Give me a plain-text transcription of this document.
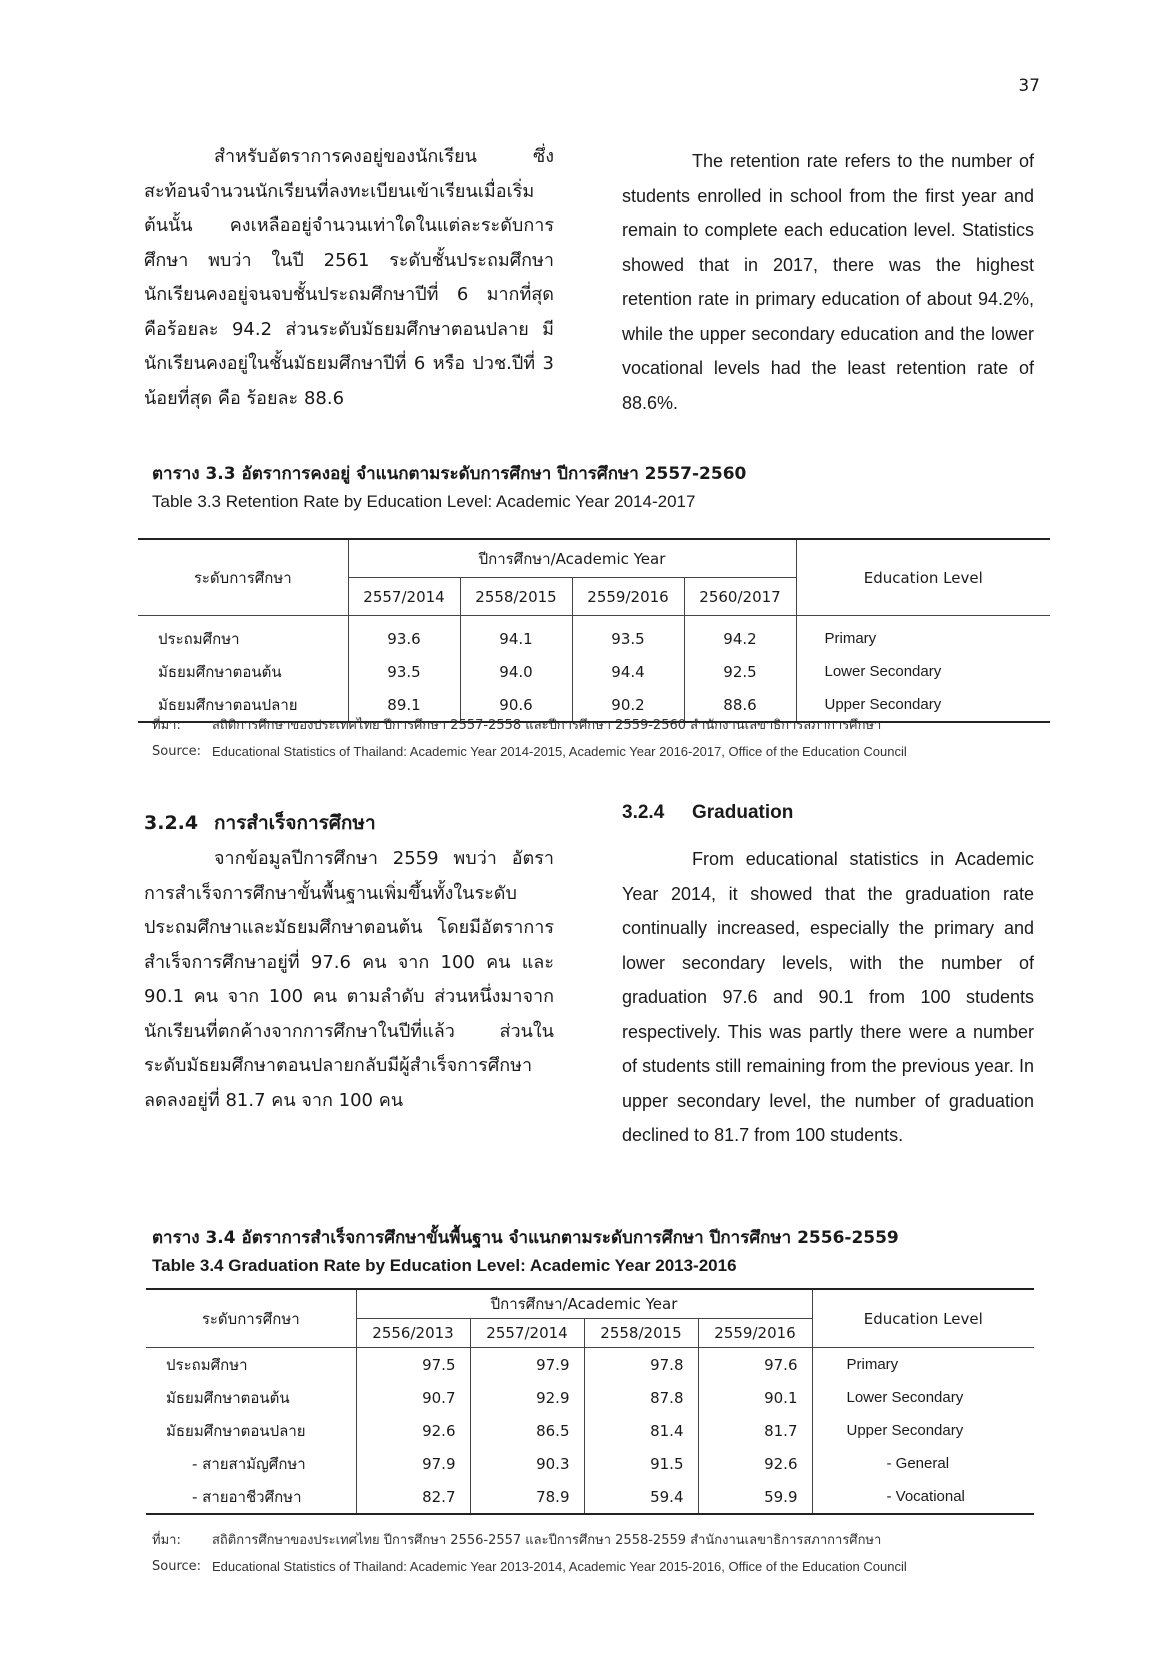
37

สำหรับอัตราการคงอยู่ของนักเรียน ซึ่งสะท้อนจำนวนนักเรียนที่ลงทะเบียนเข้าเรียนเมื่อเริ่มต้นนั้น คงเหลืออยู่จำนวนเท่าใดในแต่ละระดับการศึกษา พบว่า ในปี 2561 ระดับชั้นประถมศึกษา นักเรียนคงอยู่จนจบชั้นประถมศึกษาปีที่ 6 มากที่สุด คือร้อยละ 94.2 ส่วนระดับมัธยมศึกษาตอนปลาย มีนักเรียนคงอยู่ในชั้นมัธยมศึกษาปีที่ 6 หรือ ปวช.ปีที่ 3 น้อยที่สุด คือ ร้อยละ 88.6

The retention rate refers to the number of students enrolled in school from the first year and remain to complete each education level. Statistics showed that in 2017, there was the highest retention rate in primary education of about 94.2%, while the upper secondary education and the lower vocational levels had the least retention rate of 88.6%.

ตาราง 3.3 อัตราการคงอยู่ จำแนกตามระดับการศึกษา ปีการศึกษา 2557-2560
Table 3.3 Retention Rate by Education Level: Academic Year 2014-2017
ระดับการศึกษา	ปีการศึกษา/Academic Year				Education Level
	2557/2014	2558/2015	2559/2016	2560/2017	
ประถมศึกษา	93.6	94.1	93.5	94.2	Primary
มัธยมศึกษาตอนต้น	93.5	94.0	94.4	92.5	Lower Secondary
มัธยมศึกษาตอนปลาย	89.1	90.6	90.2	88.6	Upper Secondary
ที่มา:	สถิติการศึกษาของประเทศไทย ปีการศึกษา 2557-2558 และปีการศึกษา 2559-2560 สำนักงานเลขาธิการสภาการศึกษา
Source: Educational Statistics of Thailand: Academic Year 2014-2015, Academic Year 2016-2017, Office of the Education Council
3.2.4 การสำเร็จการศึกษา	3.2.4 Graduation

จากข้อมูลปีการศึกษา 2559 พบว่า อัตราการสำเร็จการศึกษาขั้นพื้นฐานเพิ่มขึ้นทั้งในระดับประถมศึกษาและมัธยมศึกษาตอนต้น โดยมีอัตราการสำเร็จการศึกษาอยู่ที่ 97.6 คน จาก 100 คน และ 90.1 คน จาก 100 คน ตามลำดับ ส่วนหนึ่งมาจากนักเรียนที่ตกค้างจากการศึกษาในปีที่แล้ว ส่วนในระดับมัธยมศึกษาตอนปลายกลับมีผู้สำเร็จการศึกษาลดลงอยู่ที่ 81.7 คน จาก 100 คน

From educational statistics in Academic Year 2014, it showed that the graduation rate continually increased, especially the primary and lower secondary levels, with the number of graduation 97.6 and 90.1 from 100 students respectively. This was partly there were a number of students still remaining from the previous year. In upper secondary level, the number of graduation declined to 81.7 from 100 students.

ตาราง 3.4 อัตราการสำเร็จการศึกษาขั้นพื้นฐาน จำแนกตามระดับการศึกษา ปีการศึกษา 2556-2559
Table 3.4 Graduation Rate by Education Level: Academic Year 2013-2016
ระดับการศึกษา	ปีการศึกษา/Academic Year				Education Level
	2556/2013	2557/2014	2558/2015	2559/2016	
ประถมศึกษา	97.5	97.9	97.8	97.6	Primary
มัธยมศึกษาตอนต้น	90.7	92.9	87.8	90.1	Lower Secondary
มัธยมศึกษาตอนปลาย	92.6	86.5	81.4	81.7	Upper Secondary
- สายสามัญศึกษา	97.9	90.3	91.5	92.6	- General
- สายอาชีวศึกษา	82.7	78.9	59.4	59.9	- Vocational
ที่มา:	สถิติการศึกษาของประเทศไทย ปีการศึกษา 2556-2557 และปีการศึกษา 2558-2559 สำนักงานเลขาธิการสภาการศึกษา
Source: Educational Statistics of Thailand: Academic Year 2013-2014, Academic Year 2015-2016, Office of the Education Council
